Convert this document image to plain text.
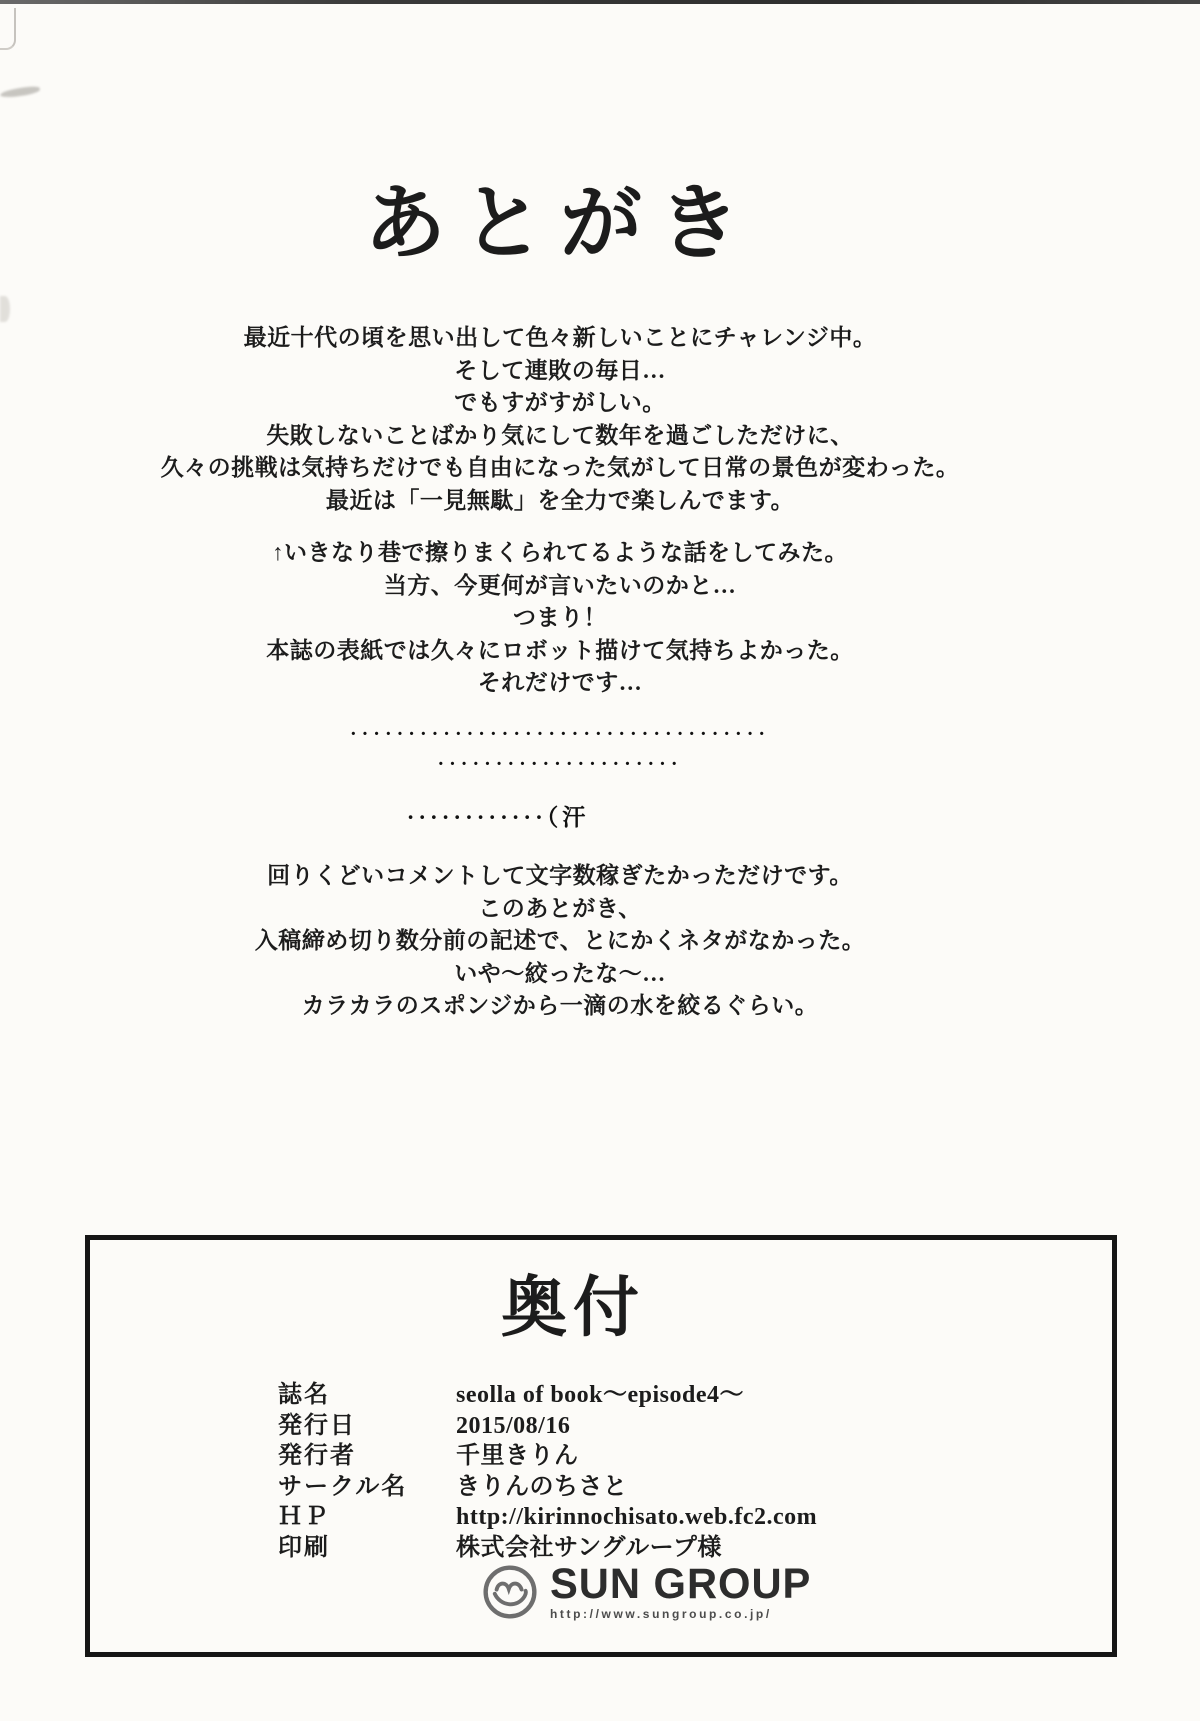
あとがき
最近十代の頃を思い出して色々新しいことにチャレンジ中。
そして連敗の毎日…
でもすがすがしい。
失敗しないことばかり気にして数年を過ごしただけに、
久々の挑戦は気持ちだけでも自由になった気がして日常の景色が変わった。
最近は「一見無駄」を全力で楽しんでます。
↑いきなり巷で擦りまくられてるような話をしてみた。
当方、今更何が言いたいのかと…
つまり！
本誌の表紙では久々にロボット描けて気持ちよかった。
それだけです…
····································
·····················
············（汗
回りくどいコメントして文字数稼ぎたかっただけです。
このあとがき、
入稿締め切り数分前の記述で、とにかくネタがなかった。
いや～絞ったな～…
カラカラのスポンジから一滴の水を絞るぐらい。
奥付
誌名	seolla of book～episode4～
発行日	2015/08/16
発行者	千里きりん
サークル名 きりんのちさと
ＨＰ	http://kirinnochisato.web.fc2.com
印刷	株式会社サングループ様
SUN GROUP
http://www.sungroup.co.jp/
